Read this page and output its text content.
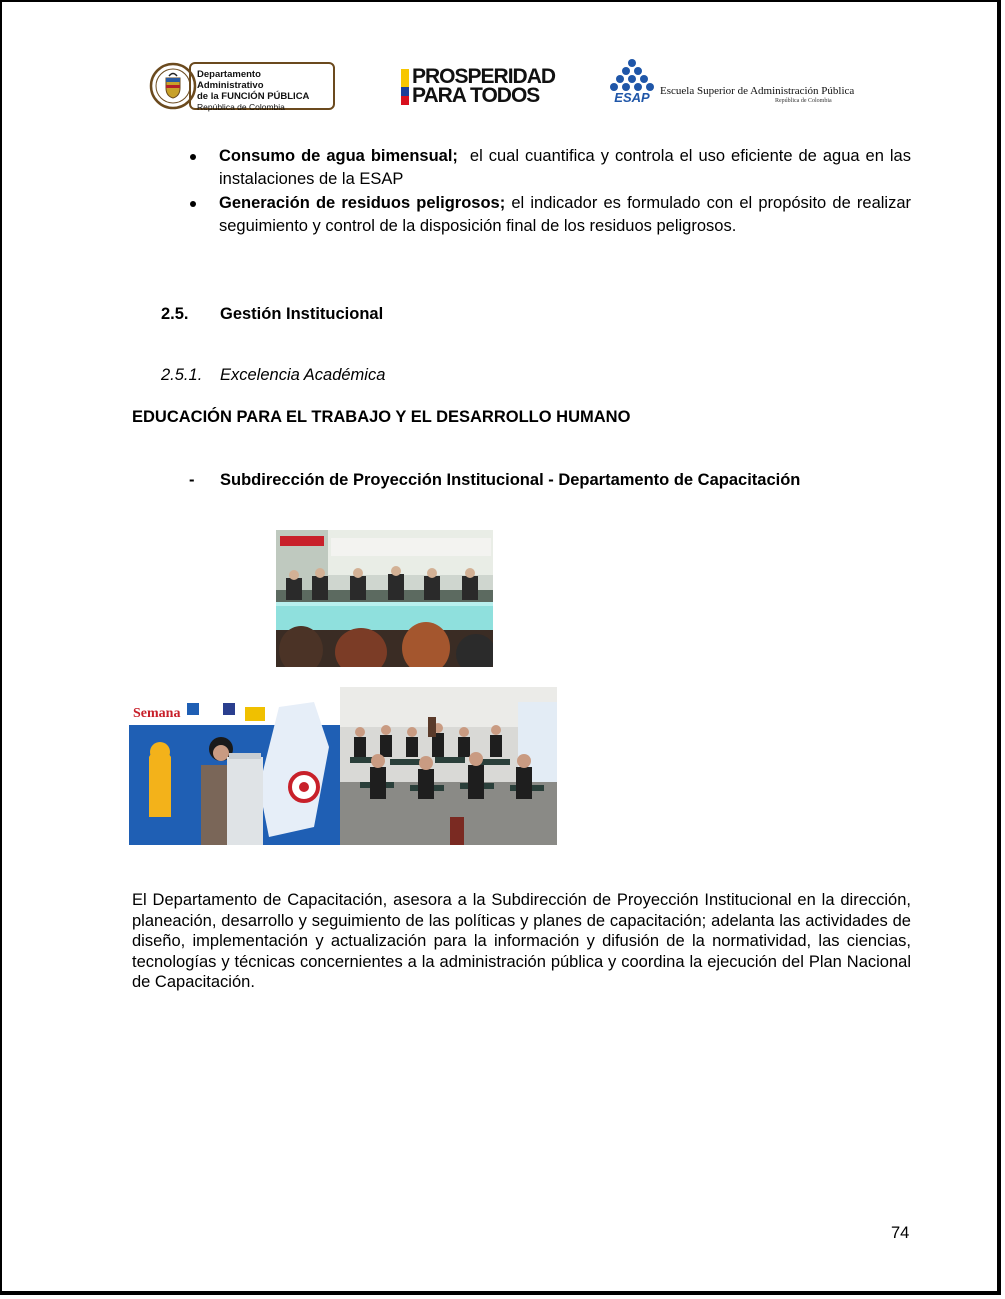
Departamento Administrativo
de la FUNCIÓN PÚBLICA
República de Colombia
PROSPERIDAD
PARA TODOS	ESAP Escuela Superior de Administración Pública
República de Colombia
Consumo de agua bimensual;  el cual cuantifica y controla el uso eficiente de agua en las instalaciones de la ESAP
Generación de residuos peligrosos; el indicador es formulado con el propósito de realizar seguimiento y control de la disposición final de los residuos peligrosos.
2.5. Gestión Institucional
2.5.1. Excelencia Académica
EDUCACIÓN PARA EL TRABAJO Y EL DESARROLLO HUMANO
- Subdirección de Proyección Institucional - Departamento de Capacitación
Semana
El Departamento de Capacitación, asesora a la Subdirección de Proyección Institucional en la dirección, planeación, desarrollo y seguimiento de las políticas y planes de capacitación; adelanta las actividades de diseño, implementación y actualización para la información y difusión de la normatividad, las ciencias, tecnologías y técnicas concernientes a la administración pública y coordina la ejecución del Plan Nacional de Capacitación.
74
